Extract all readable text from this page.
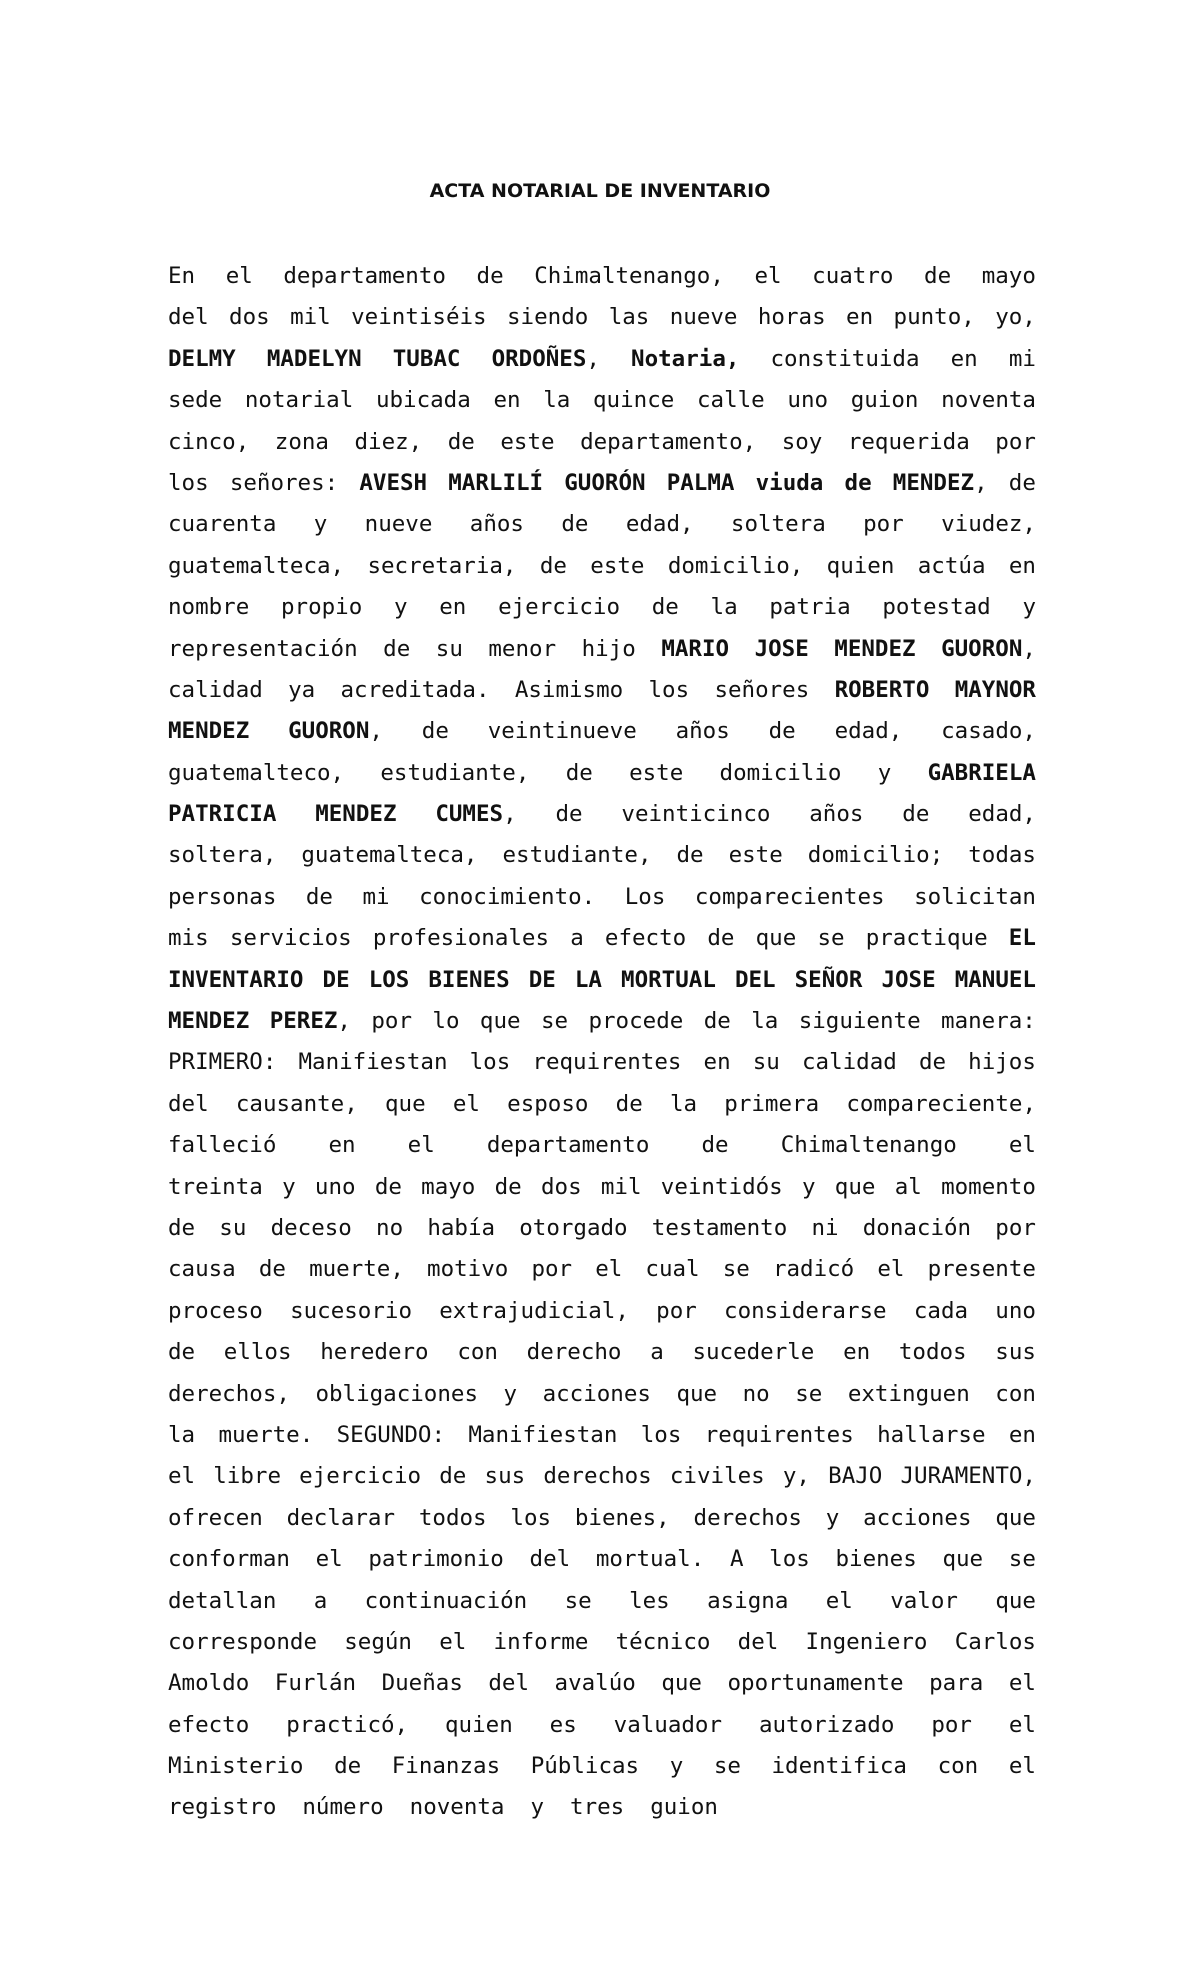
ACTA NOTARIAL DE INVENTARIO
En el departamento de Chimaltenango, el cuatro de mayo
del dos mil veintiséis siendo las nueve horas en punto, yo,
DELMY MADELYN TUBAC ORDOÑES, Notaria, constituida en mi
sede notarial ubicada en la quince calle uno guion noventa
cinco, zona diez, de este departamento, soy requerida por
los señores: AVESH MARLILÍ GUORÓN PALMA viuda de MENDEZ, de
cuarenta y nueve años de edad, soltera por viudez,
guatemalteca, secretaria, de este domicilio, quien actúa en
nombre propio y en ejercicio de la patria potestad y
representación de su menor hijo MARIO JOSE MENDEZ GUORON,
calidad ya acreditada. Asimismo los señores ROBERTO MAYNOR
MENDEZ GUORON, de veintinueve años de edad, casado,
guatemalteco, estudiante, de este domicilio y GABRIELA
PATRICIA MENDEZ CUMES, de veinticinco años de edad,
soltera, guatemalteca, estudiante, de este domicilio; todas
personas de mi conocimiento. Los comparecientes solicitan
mis servicios profesionales a efecto de que se practique EL
INVENTARIO DE LOS BIENES DE LA MORTUAL DEL SEÑOR JOSE MANUEL
MENDEZ PEREZ, por lo que se procede de la siguiente manera:
PRIMERO: Manifiestan los requirentes en su calidad de hijos
del causante, que el esposo de la primera compareciente,
falleció en el departamento de Chimaltenango el
treinta y uno de mayo de dos mil veintidós y que al momento
de su deceso no había otorgado testamento ni donación por
causa de muerte, motivo por el cual se radicó el presente
proceso sucesorio extrajudicial, por considerarse cada uno
de ellos heredero con derecho a sucederle en todos sus
derechos, obligaciones y acciones que no se extinguen con
la muerte. SEGUNDO: Manifiestan los requirentes hallarse en
el libre ejercicio de sus derechos civiles y, BAJO JURAMENTO,
ofrecen declarar todos los bienes, derechos y acciones que
conforman el patrimonio del mortual. A los bienes que se
detallan a continuación se les asigna el valor que
corresponde según el informe técnico del Ingeniero Carlos
Amoldo Furlán Dueñas del avalúo que oportunamente para el
efecto practicó, quien es valuador autorizado por el
Ministerio de Finanzas Públicas y se identifica con el
registro	número	noventa	y	tres	guion
